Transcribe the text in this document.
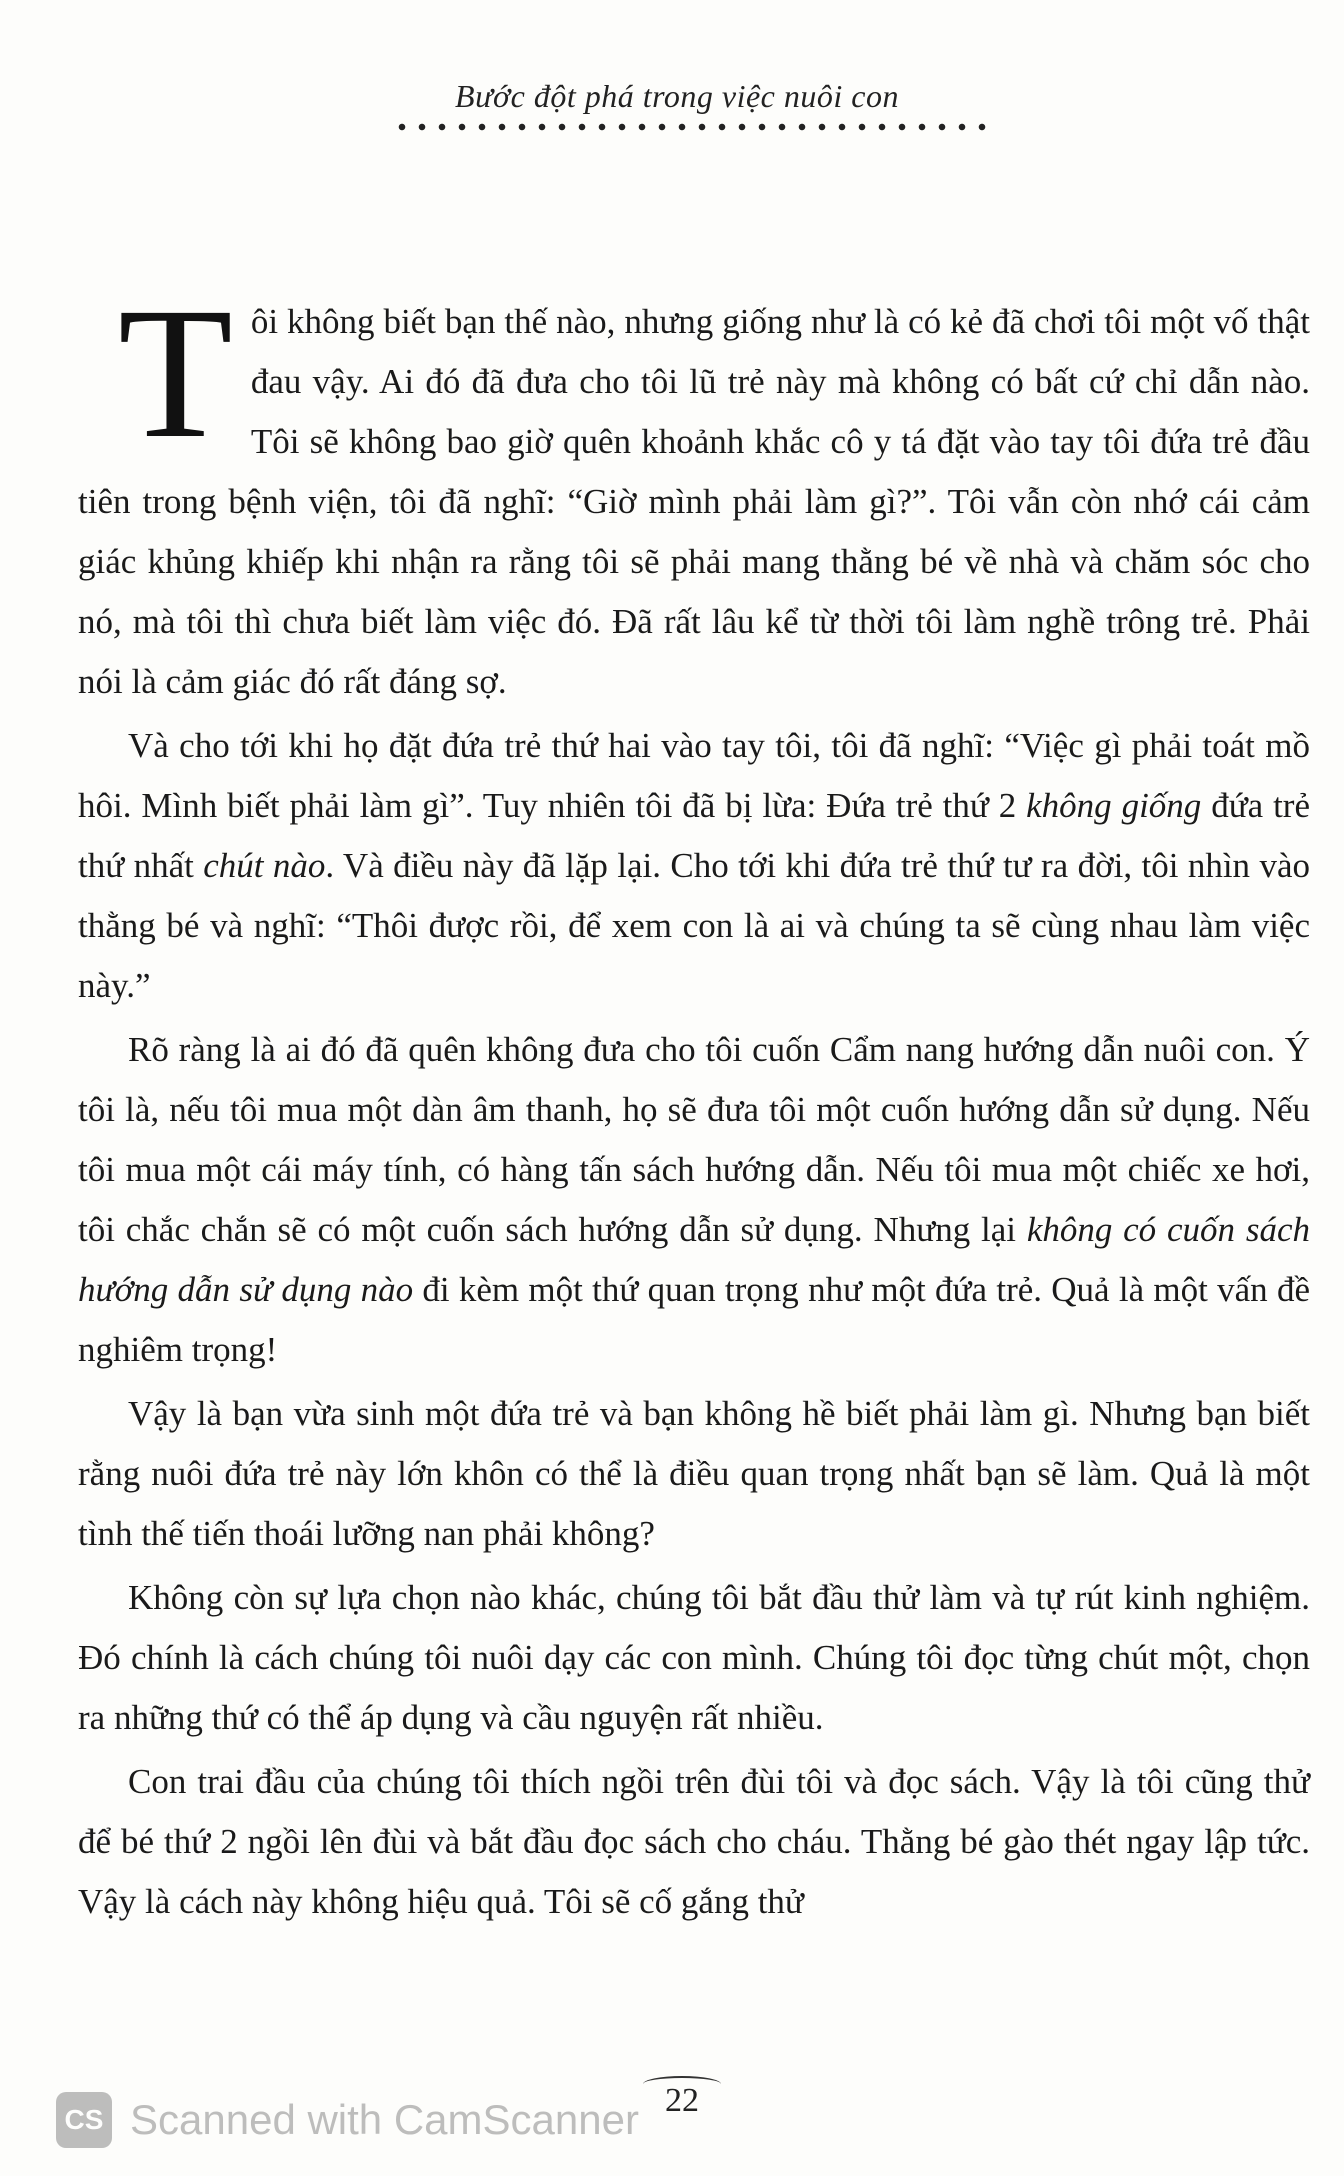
Bước đột phá trong việc nuôi con

Tôi không biết bạn thế nào, nhưng giống như là có kẻ đã chơi tôi một vố thật đau vậy. Ai đó đã đưa cho tôi lũ trẻ này mà không có bất cứ chỉ dẫn nào. Tôi sẽ không bao giờ quên khoảnh khắc cô y tá đặt vào tay tôi đứa trẻ đầu tiên trong bệnh viện, tôi đã nghĩ: “Giờ mình phải làm gì?”. Tôi vẫn còn nhớ cái cảm giác khủng khiếp khi nhận ra rằng tôi sẽ phải mang thằng bé về nhà và chăm sóc cho nó, mà tôi thì chưa biết làm việc đó. Đã rất lâu kể từ thời tôi làm nghề trông trẻ. Phải nói là cảm giác đó rất đáng sợ.

Và cho tới khi họ đặt đứa trẻ thứ hai vào tay tôi, tôi đã nghĩ: “Việc gì phải toát mồ hôi. Mình biết phải làm gì”. Tuy nhiên tôi đã bị lừa: Đứa trẻ thứ 2 không giống đứa trẻ thứ nhất chút nào. Và điều này đã lặp lại. Cho tới khi đứa trẻ thứ tư ra đời, tôi nhìn vào thằng bé và nghĩ: “Thôi được rồi, để xem con là ai và chúng ta sẽ cùng nhau làm việc này.”

Rõ ràng là ai đó đã quên không đưa cho tôi cuốn Cẩm nang hướng dẫn nuôi con. Ý tôi là, nếu tôi mua một dàn âm thanh, họ sẽ đưa tôi một cuốn hướng dẫn sử dụng. Nếu tôi mua một cái máy tính, có hàng tấn sách hướng dẫn. Nếu tôi mua một chiếc xe hơi, tôi chắc chắn sẽ có một cuốn sách hướng dẫn sử dụng. Nhưng lại không có cuốn sách hướng dẫn sử dụng nào đi kèm một thứ quan trọng như một đứa trẻ. Quả là một vấn đề nghiêm trọng!

Vậy là bạn vừa sinh một đứa trẻ và bạn không hề biết phải làm gì. Nhưng bạn biết rằng nuôi đứa trẻ này lớn khôn có thể là điều quan trọng nhất bạn sẽ làm. Quả là một tình thế tiến thoái lưỡng nan phải không?

Không còn sự lựa chọn nào khác, chúng tôi bắt đầu thử làm và tự rút kinh nghiệm. Đó chính là cách chúng tôi nuôi dạy các con mình. Chúng tôi đọc từng chút một, chọn ra những thứ có thể áp dụng và cầu nguyện rất nhiều.

Con trai đầu của chúng tôi thích ngồi trên đùi tôi và đọc sách. Vậy là tôi cũng thử để bé thứ 2 ngồi lên đùi và bắt đầu đọc sách cho cháu. Thằng bé gào thét ngay lập tức. Vậy là cách này không hiệu quả. Tôi sẽ cố gắng thử

22
CS Scanned with CamScanner
